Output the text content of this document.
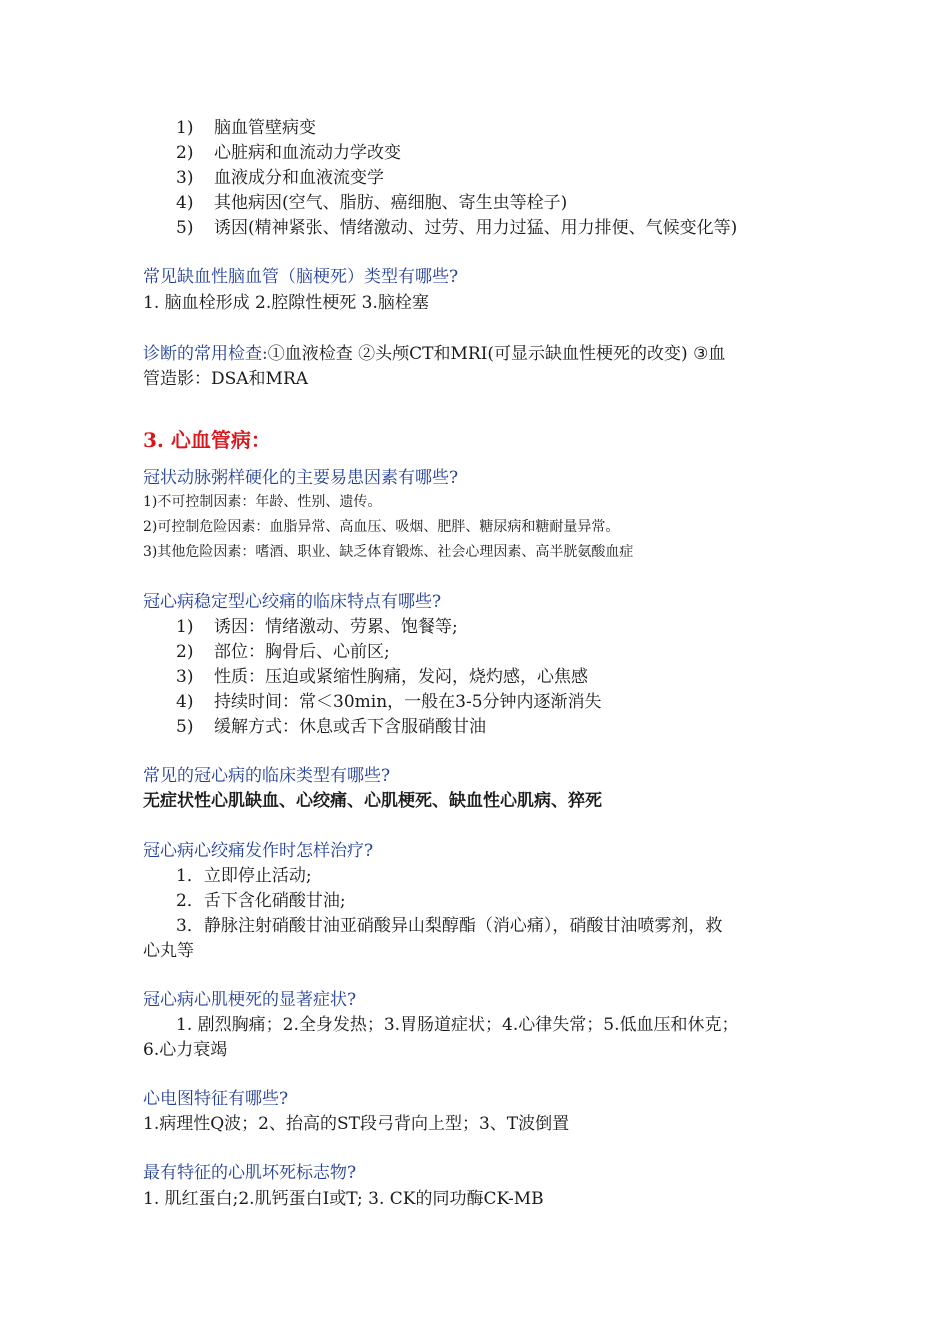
1) 脑血管壁病变
2) 心脏病和血流动力学改变
3) 血液成分和血液流变学
4) 其他病因(空气、脂肪、癌细胞、寄生虫等栓子)
5) 诱因(精神紧张、情绪激动、过劳、用力过猛、用力排便、气候变化等)
常见缺血性脑血管（脑梗死）类型有哪些?
1. 脑血栓形成 2.腔隙性梗死 3.脑栓塞
诊断的常用检查:①血液检查 ②头颅CT和MRI(可显示缺血性梗死的改变) ③血
管造影：DSA和MRA
3. 心血管病：
冠状动脉粥样硬化的主要易患因素有哪些?
1)不可控制因素：年龄、性别、遗传。
2)可控制危险因素：血脂异常、高血压、吸烟、肥胖、糖尿病和糖耐量异常。
3)其他危险因素：嗜酒、职业、缺乏体育锻炼、社会心理因素、高半胱氨酸血症
冠心病稳定型心绞痛的临床特点有哪些?
1) 诱因：情绪激动、劳累、饱餐等;
2) 部位：胸骨后、心前区;
3) 性质：压迫或紧缩性胸痛，发闷，烧灼感，心焦感
4) 持续时间：常＜30min，一般在3-5分钟内逐渐消失
5) 缓解方式：休息或舌下含服硝酸甘油
常见的冠心病的临床类型有哪些?
无症状性心肌缺血、心绞痛、心肌梗死、缺血性心肌病、猝死
冠心病心绞痛发作时怎样治疗?
1．立即停止活动;
2．舌下含化硝酸甘油;
3．静脉注射硝酸甘油亚硝酸异山梨醇酯（消心痛），硝酸甘油喷雾剂，救
心丸等
冠心病心肌梗死的显著症状?
1. 剧烈胸痛；2.全身发热；3.胃肠道症状；4.心律失常；5.低血压和休克；
6.心力衰竭
心电图特征有哪些?
1.病理性Q波；2、抬高的ST段弓背向上型；3、T波倒置
最有特征的心肌坏死标志物?
1. 肌红蛋白;2.肌钙蛋白I或T; 3. CK的同功酶CK-MB
